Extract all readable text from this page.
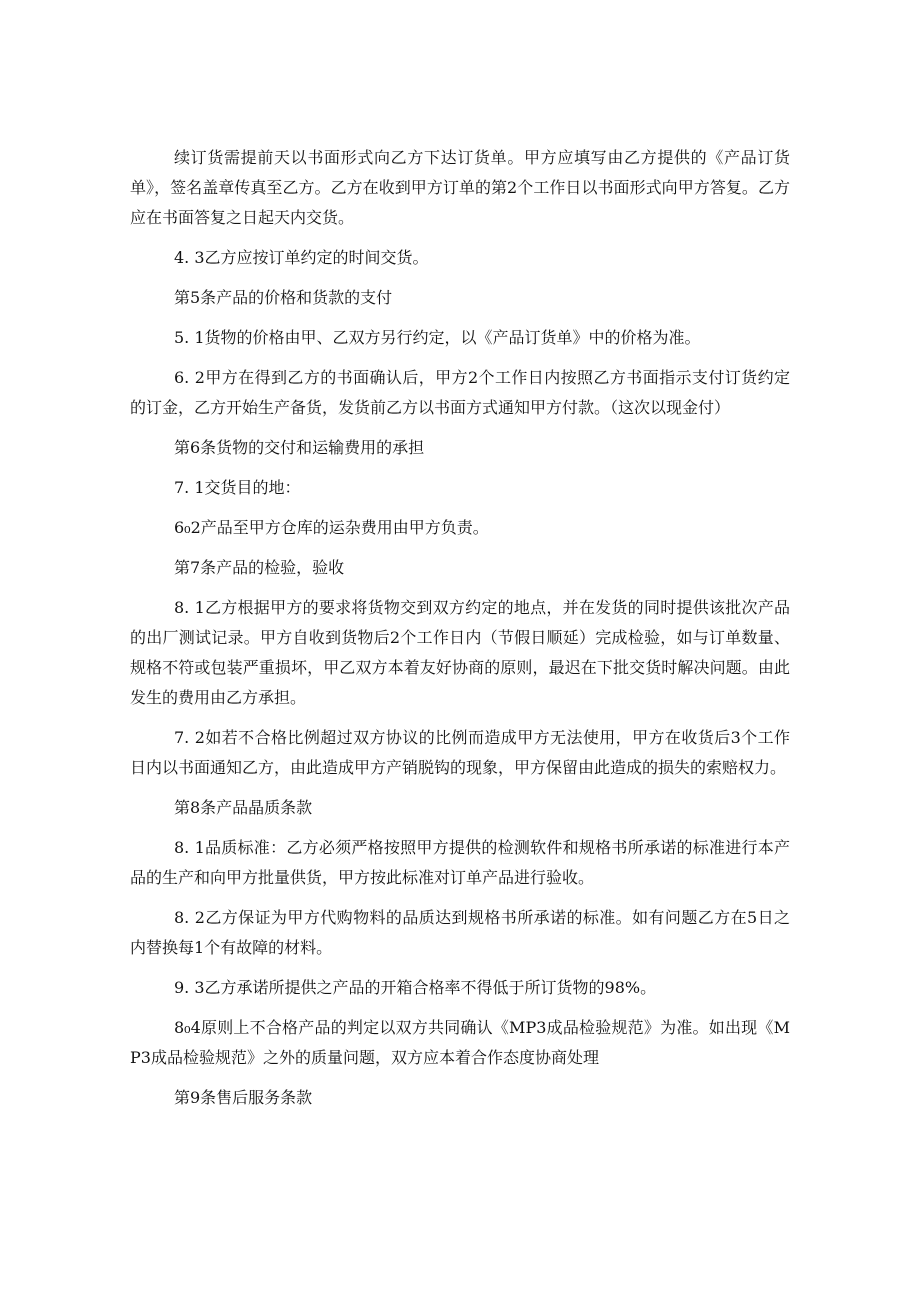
续订货需提前天以书面形式向乙方下达订货单。甲方应填写由乙方提供的《产品订货单》，签名盖章传真至乙方。乙方在收到甲方订单的第2个工作日以书面形式向甲方答复。乙方应在书面答复之日起天内交货。

4. 3乙方应按订单约定的时间交货。

第5条产品的价格和货款的支付

5. 1货物的价格由甲、乙双方另行约定，以《产品订货单》中的价格为准。

6. 2甲方在得到乙方的书面确认后，甲方2个工作日内按照乙方书面指示支付订货约定的订金，乙方开始生产备货，发货前乙方以书面方式通知甲方付款。（这次以现金付）

第6条货物的交付和运输费用的承担

7. 1交货目的地：

6₀2产品至甲方仓库的运杂费用由甲方负责。

第7条产品的检验，验收

8. 1乙方根据甲方的要求将货物交到双方约定的地点，并在发货的同时提供该批次产品的出厂测试记录。甲方自收到货物后2个工作日内（节假日顺延）完成检验，如与订单数量、规格不符或包装严重损坏，甲乙双方本着友好协商的原则，最迟在下批交货时解决问题。由此发生的费用由乙方承担。

7. 2如若不合格比例超过双方协议的比例而造成甲方无法使用，甲方在收货后3个工作日内以书面通知乙方，由此造成甲方产销脱钩的现象，甲方保留由此造成的损失的索赔权力。

第8条产品晶质条款

8. 1品质标准：乙方必须严格按照甲方提供的检测软件和规格书所承诺的标准进行本产品的生产和向甲方批量供货，甲方按此标准对订单产品进行验收。

8. 2乙方保证为甲方代购物料的品质达到规格书所承诺的标准。如有问题乙方在5日之内替换每1个有故障的材料。

9. 3乙方承诺所提供之产品的开箱合格率不得低于所订货物的98%。

8₀4原则上不合格产品的判定以双方共同确认《MP3成品检验规范》为准。如出现《MP3成品检验规范》之外的质量问题，双方应本着合作态度协商处理

第9条售后服务条款
